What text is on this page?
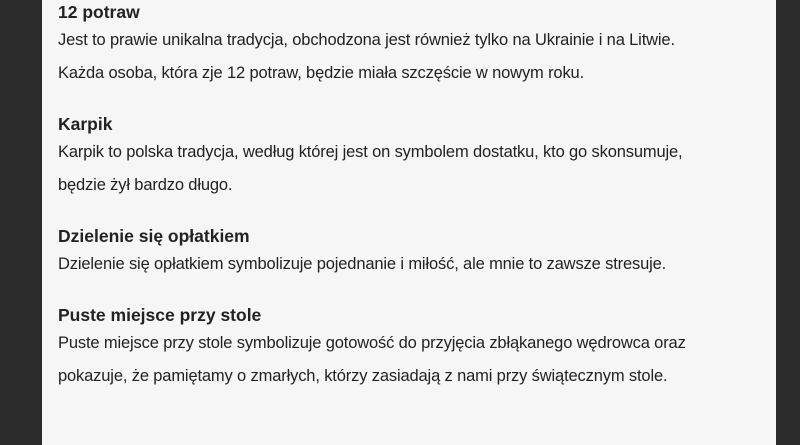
12 potraw

Jest to prawie unikalna tradycja, obchodzona jest również tylko na Ukrainie i na Litwie.

Każda osoba, która zje 12 potraw, będzie miała szczęście w nowym roku.

Karpik

Karpik to polska tradycja, według której jest on symbolem dostatku, kto go skonsumuje,

będzie żył bardzo długo.

Dzielenie się opłatkiem

Dzielenie się opłatkiem symbolizuje pojednanie i miłość, ale mnie to zawsze stresuje.

Puste miejsce przy stole

Puste miejsce przy stole symbolizuje gotowość do przyjęcia zbłąkanego wędrowca oraz

pokazuje, że pamiętamy o zmarłych, którzy zasiadają z nami przy świątecznym stole.
